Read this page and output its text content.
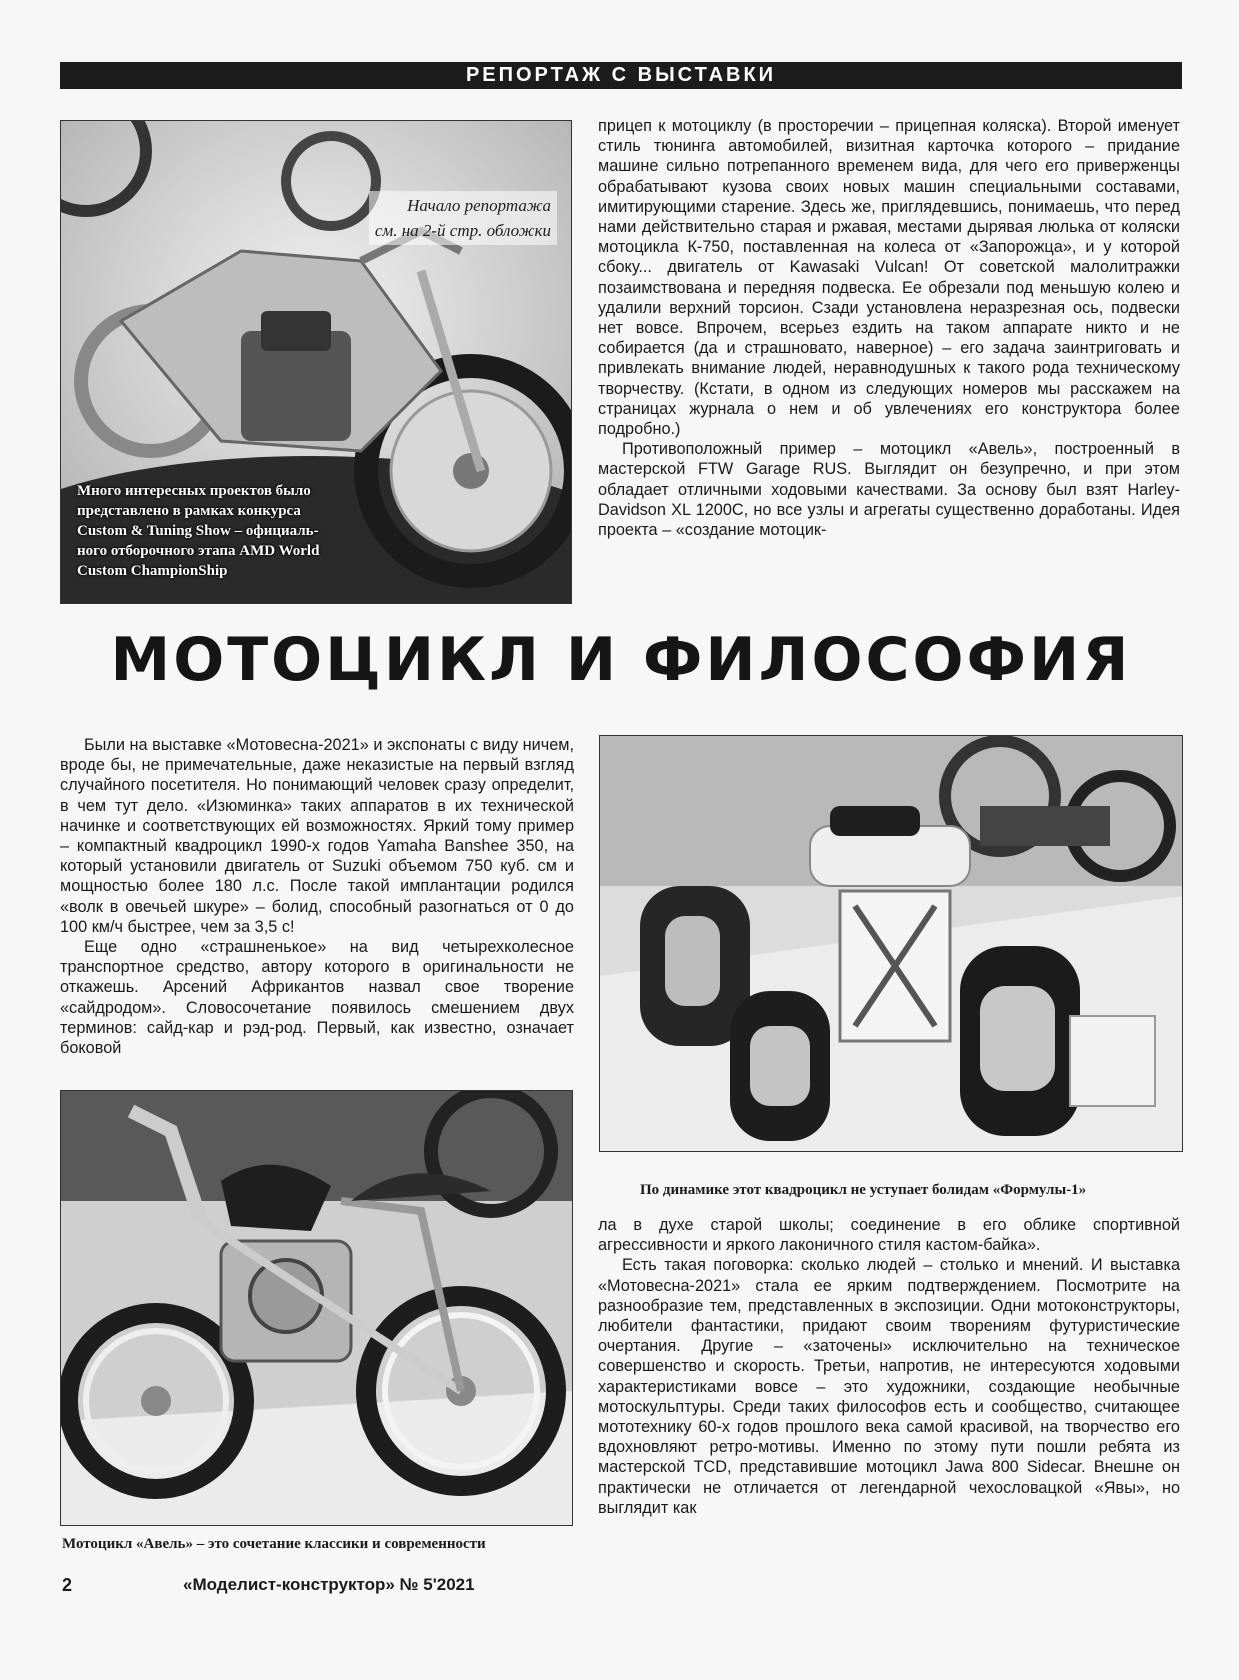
РЕПОРТАЖ С ВЫСТАВКИ
Начало репортажа
см. на 2-й стр. обложки
Много интересных проектов было
представлено в рамках конкурса
Custom & Tuning Show – официаль-
ного отборочного этапа AMD World
Custom ChampionShip

прицеп к мотоциклу (в просторечии – прицепная коляска). Второй именует стиль тюнинга автомобилей, визитная карточка которого – придание машине сильно потрепанного временем вида, для чего его приверженцы обрабатывают кузова своих новых машин специальными составами, имитирующими старение. Здесь же, приглядевшись, понимаешь, что перед нами действительно старая и ржавая, местами дырявая люлька от коляски мотоцикла К-750, поставленная на колеса от «Запорожца», и у которой сбоку... двигатель от Kawasaki Vulcan! От советской малолитражки позаимствована и передняя подвеска. Ее обрезали под меньшую колею и удалили верхний торсион. Сзади установлена неразрезная ось, подвески нет вовсе. Впрочем, всерьез ездить на таком аппарате никто и не собирается (да и страшновато, наверное) – его задача заинтриговать и привлекать внимание людей, неравнодушных к такого рода техническому творчеству. (Кстати, в одном из следующих номеров мы расскажем на страницах журнала о нем и об увлечениях его конструктора более подробно.)

Противоположный пример – мотоцикл «Авель», построенный в мастерской FTW Garage RUS. Выглядит он безупречно, и при этом обладает отличными ходовыми качествами. За основу был взят Harley-Davidson XL 1200C, но все узлы и агрегаты существенно доработаны. Идея проекта – «создание мотоцик-

МОТОЦИКЛ И ФИЛОСОФИЯ

Были на выставке «Мотовесна-2021» и экспонаты с виду ничем, вроде бы, не примечательные, даже неказистые на первый взгляд случайного посетителя. Но понимающий человек сразу определит, в чем тут дело. «Изюминка» таких аппаратов в их технической начинке и соответствующих ей возможностях. Яркий тому пример – компактный квадроцикл 1990-х годов Yamaha Banshee 350, на который установили двигатель от Suzuki объемом 750 куб. см и мощностью более 180 л.с. После такой имплантации родился «волк в овечьей шкуре» – болид, способный разогнаться от 0 до 100 км/ч быстрее, чем за 3,5 с!

Еще одно «страшненькое» на вид четырехколесное транспортное средство, автору которого в оригинальности не откажешь. Арсений Африкантов назвал свое творение «сайдродом». Словосочетание появилось смешением двух терминов: сайд-кар и рэд-род. Первый, как известно, означает боковой

По динамике этот квадроцикл не уступает болидам «Формулы-1»
Мотоцикл «Авель» – это сочетание классики и современности

ла в духе старой школы; соединение в его облике спортивной агрессивности и яркого лаконичного стиля кастом-байка».

Есть такая поговорка: сколько людей – столько и мнений. И выставка «Мотовесна-2021» стала ее ярким подтверждением. Посмотрите на разнообразие тем, представленных в экспозиции. Одни мотоконструкторы, любители фантастики, придают своим творениям футуристические очертания. Другие – «заточены» исключительно на техническое совершенство и скорость. Третьи, напротив, не интересуются ходовыми характеристиками вовсе – это художники, создающие необычные мотоскульптуры. Среди таких философов есть и сообщество, считающее мототехнику 60-х годов прошлого века самой красивой, на творчество его вдохновляют ретро-мотивы. Именно по этому пути пошли ребята из мастерской TCD, представившие мотоцикл Jawa 800 Sidecar. Внешне он практически не отличается от легендарной чехословацкой «Явы», но выглядит как

2	«Моделист-конструктор» № 5'2021
